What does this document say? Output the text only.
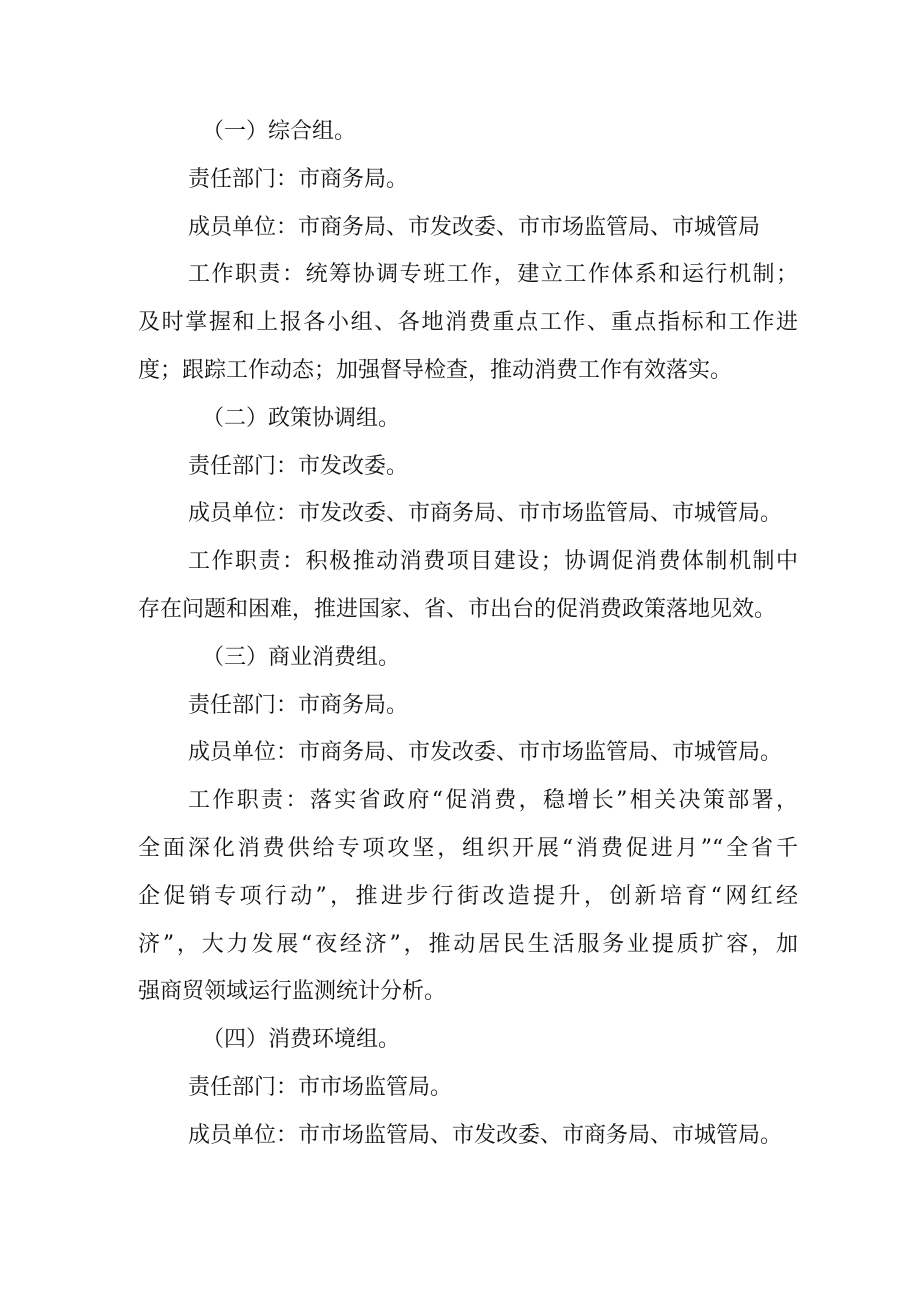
（一）综合组。
责任部门：市商务局。
成员单位：市商务局、市发改委、市市场监管局、市城管局
工作职责：统筹协调专班工作，建立工作体系和运行机制；
及时掌握和上报各小组、各地消费重点工作、重点指标和工作进
度；跟踪工作动态；加强督导检查，推动消费工作有效落实。
（二）政策协调组。
责任部门：市发改委。
成员单位：市发改委、市商务局、市市场监管局、市城管局。
工作职责：积极推动消费项目建设；协调促消费体制机制中
存在问题和困难，推进国家、省、市出台的促消费政策落地见效。
（三）商业消费组。
责任部门：市商务局。
成员单位：市商务局、市发改委、市市场监管局、市城管局。
工作职责：落实省政府“促消费，稳增长”相关决策部署，
全面深化消费供给专项攻坚，组织开展“消费促进月”“全省千
企促销专项行动”，推进步行街改造提升，创新培育“网红经
济”，大力发展“夜经济”，推动居民生活服务业提质扩容，加
强商贸领域运行监测统计分析。
（四）消费环境组。
责任部门：市市场监管局。
成员单位：市市场监管局、市发改委、市商务局、市城管局。
